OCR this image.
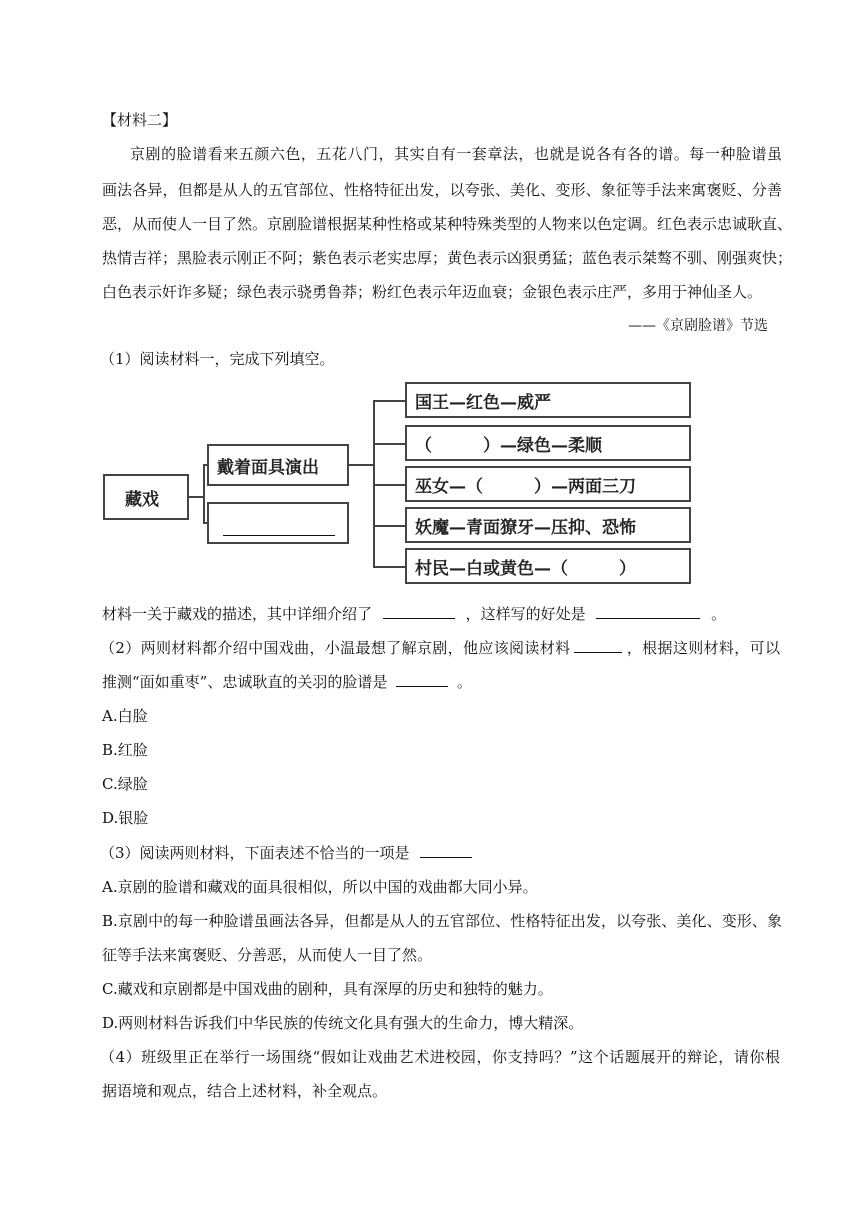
【材料二】
京剧的脸谱看来五颜六色，五花八门，其实自有一套章法，也就是说各有各的谱。每一种脸谱虽
画法各异，但都是从人的五官部位、性格特征出发，以夸张、美化、变形、象征等手法来寓褒贬、分善
恶，从而使人一目了然。京剧脸谱根据某种性格或某种特殊类型的人物来以色定调。红色表示忠诚耿直、
热情吉祥；黑脸表示刚正不阿；紫色表示老实忠厚；黄色表示凶狠勇猛；蓝色表示桀骜不驯、刚强爽快；
白色表示奸诈多疑；绿色表示骁勇鲁莽；粉红色表示年迈血衰；金银色表示庄严，多用于神仙圣人。
——《京剧脸谱》节选
（1）阅读材料一，完成下列填空。
藏戏
戴着面具演出
国王—红色—威严
（　　　）—绿色—柔顺
巫女—（　　　）—两面三刀
妖魔—青面獠牙—压抑、恐怖
村民—白或黄色—（　　　）
材料一关于藏戏的描述，其中详细介绍了	，这样写的好处是	。
（2）两则材料都介绍中国戏曲，小温最想了解京剧，他应该阅读材料	，根据这则材料，可以
推测“面如重枣”、忠诚耿直的关羽的脸谱是	。
A.白脸
B.红脸
C.绿脸
D.银脸
（3）阅读两则材料，下面表述不恰当的一项是
A.京剧的脸谱和藏戏的面具很相似，所以中国的戏曲都大同小异。
B.京剧中的每一种脸谱虽画法各异，但都是从人的五官部位、性格特征出发，以夸张、美化、变形、象
征等手法来寓褒贬、分善恶，从而使人一目了然。
C.藏戏和京剧都是中国戏曲的剧种，具有深厚的历史和独特的魅力。
D.两则材料告诉我们中华民族的传统文化具有强大的生命力，博大精深。
（4）班级里正在举行一场围绕“假如让戏曲艺术进校园，你支持吗？”这个话题展开的辩论，请你根
据语境和观点，结合上述材料，补全观点。
